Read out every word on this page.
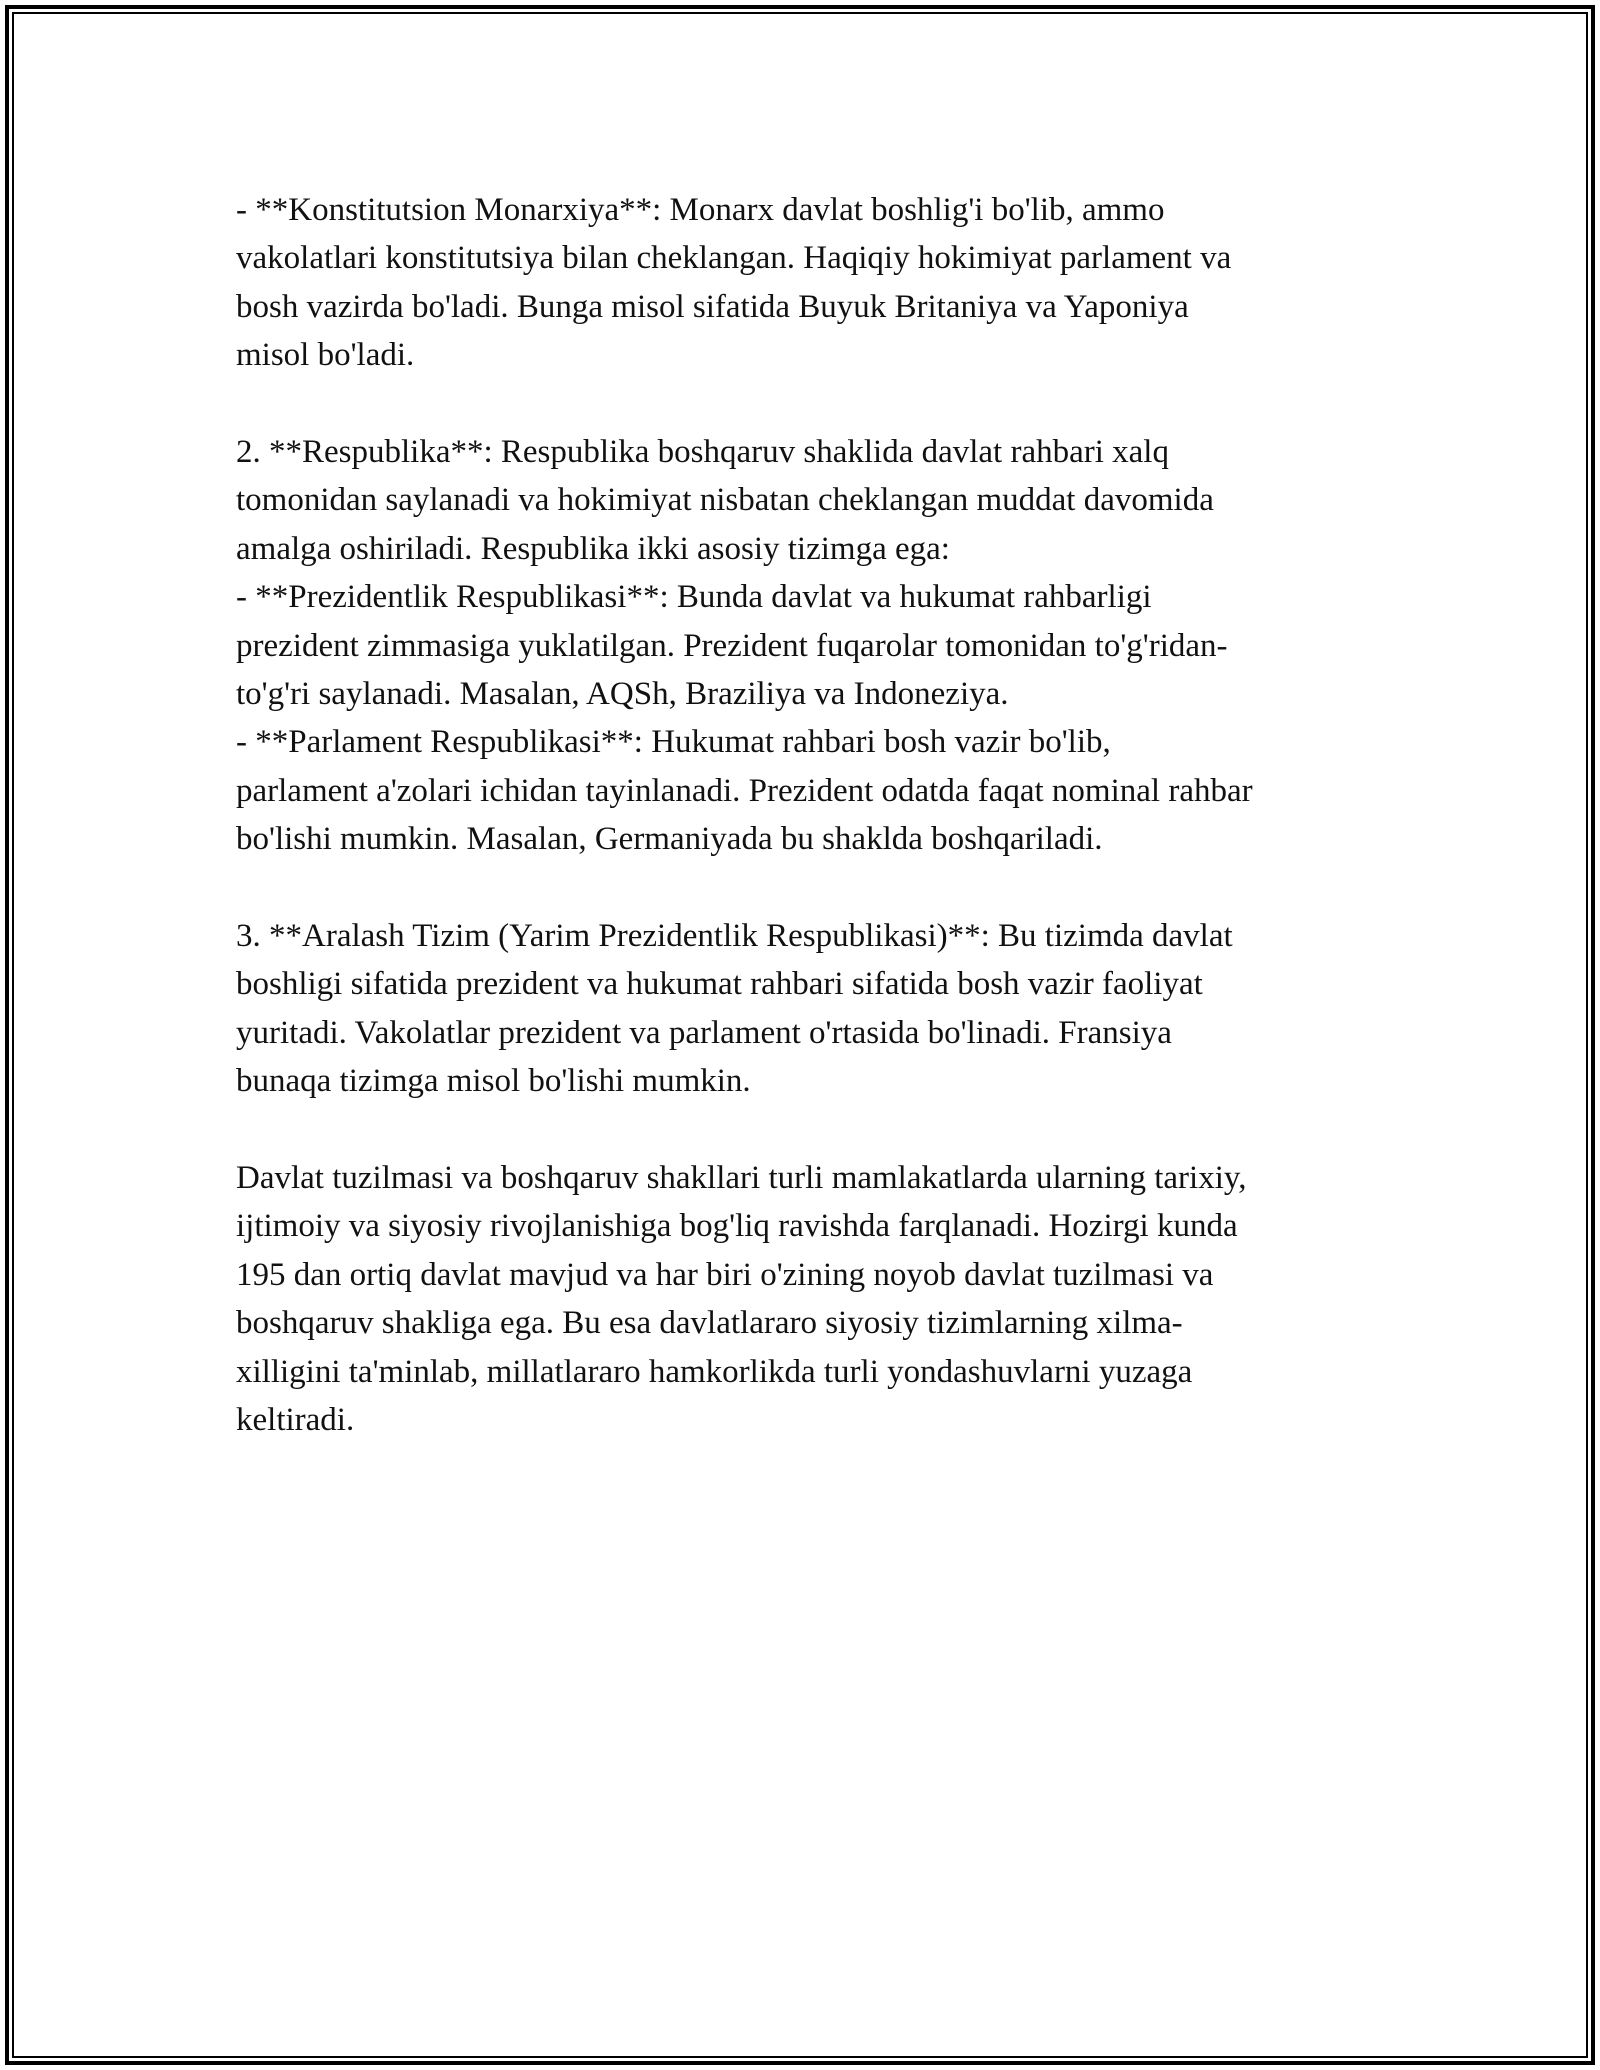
- **Konstitutsion Monarxiya**: Monarx davlat boshlig'i bo'lib, ammo
vakolatlari konstitutsiya bilan cheklangan. Haqiqiy hokimiyat parlament va
bosh vazirda bo'ladi. Bunga misol sifatida Buyuk Britaniya va Yaponiya
misol bo'ladi.

2. **Respublika**: Respublika boshqaruv shaklida davlat rahbari xalq
tomonidan saylanadi va hokimiyat nisbatan cheklangan muddat davomida
amalga oshiriladi. Respublika ikki asosiy tizimga ega:
- **Prezidentlik Respublikasi**: Bunda davlat va hukumat rahbarligi
prezident zimmasiga yuklatilgan. Prezident fuqarolar tomonidan to'g'ridan-
to'g'ri saylanadi. Masalan, AQSh, Braziliya va Indoneziya.
- **Parlament Respublikasi**: Hukumat rahbari bosh vazir bo'lib,
parlament a'zolari ichidan tayinlanadi. Prezident odatda faqat nominal rahbar
bo'lishi mumkin. Masalan, Germaniyada bu shaklda boshqariladi.

3. **Aralash Tizim (Yarim Prezidentlik Respublikasi)**: Bu tizimda davlat
boshligi sifatida prezident va hukumat rahbari sifatida bosh vazir faoliyat
yuritadi. Vakolatlar prezident va parlament o'rtasida bo'linadi. Fransiya
bunaqa tizimga misol bo'lishi mumkin.

Davlat tuzilmasi va boshqaruv shakllari turli mamlakatlarda ularning tarixiy,
ijtimoiy va siyosiy rivojlanishiga bog'liq ravishda farqlanadi. Hozirgi kunda
195 dan ortiq davlat mavjud va har biri o'zining noyob davlat tuzilmasi va
boshqaruv shakliga ega. Bu esa davlatlararo siyosiy tizimlarning xilma-
xilligini ta'minlab, millatlararo hamkorlikda turli yondashuvlarni yuzaga
keltiradi.
